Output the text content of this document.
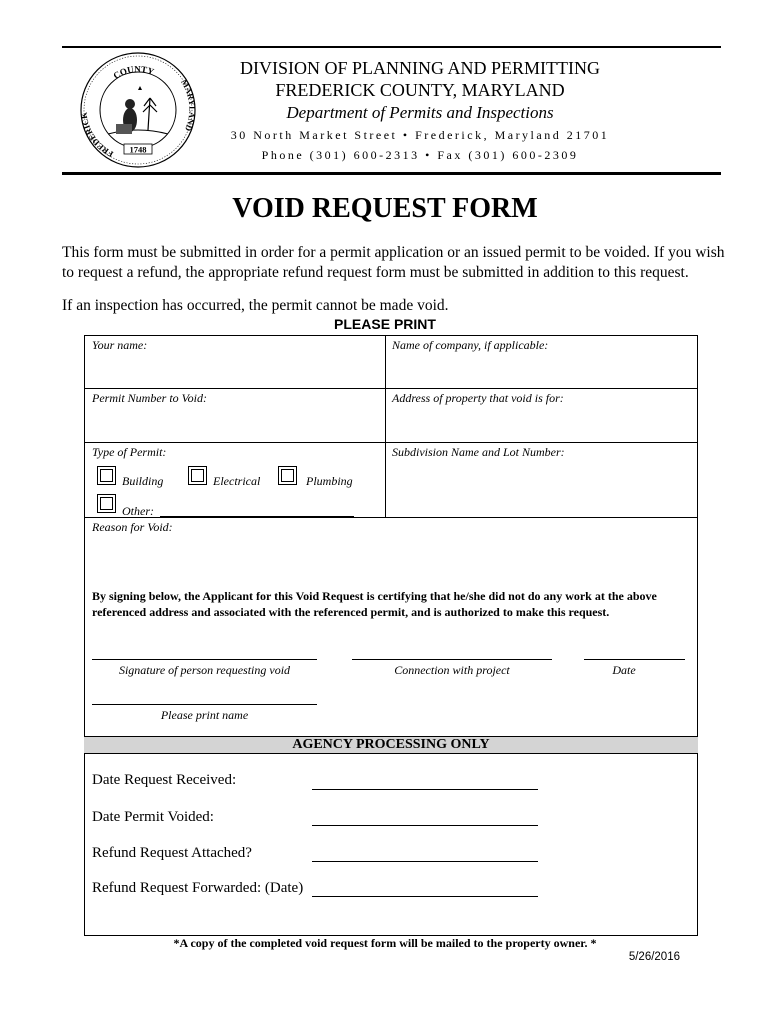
COUNTY
FREDERICK
MARYLAND
1748
DIVISION OF PLANNING AND PERMITTING
FREDERICK COUNTY, MARYLAND
Department of Permits and Inspections
30 North Market Street • Frederick, Maryland 21701
Phone (301) 600-2313 • Fax (301) 600-2309
VOID REQUEST FORM
This form must be submitted in order for a permit application or an issued permit to be voided. If you wish to request a refund, the appropriate refund request form must be submitted in addition to this request.
If an inspection has occurred, the permit cannot be made void.
PLEASE PRINT
Your name:	Name of company, if applicable:
Permit Number to Void:	Address of property that void is for:
Type of Permit:	Subdivision Name and Lot Number:
Building	Electrical	Plumbing
Other:
Reason for Void:
By signing below, the Applicant for this Void Request is certifying that he/she did not do any work at the above referenced address and associated with the referenced permit, and is authorized to make this request.
Signature of person requesting void	Connection with project	Date
Please print name
AGENCY PROCESSING ONLY
Date Request Received:
Date Permit Voided:
Refund Request Attached?
Refund Request Forwarded: (Date)
*A copy of the completed void request form will be mailed to the property owner. *
5/26/2016
